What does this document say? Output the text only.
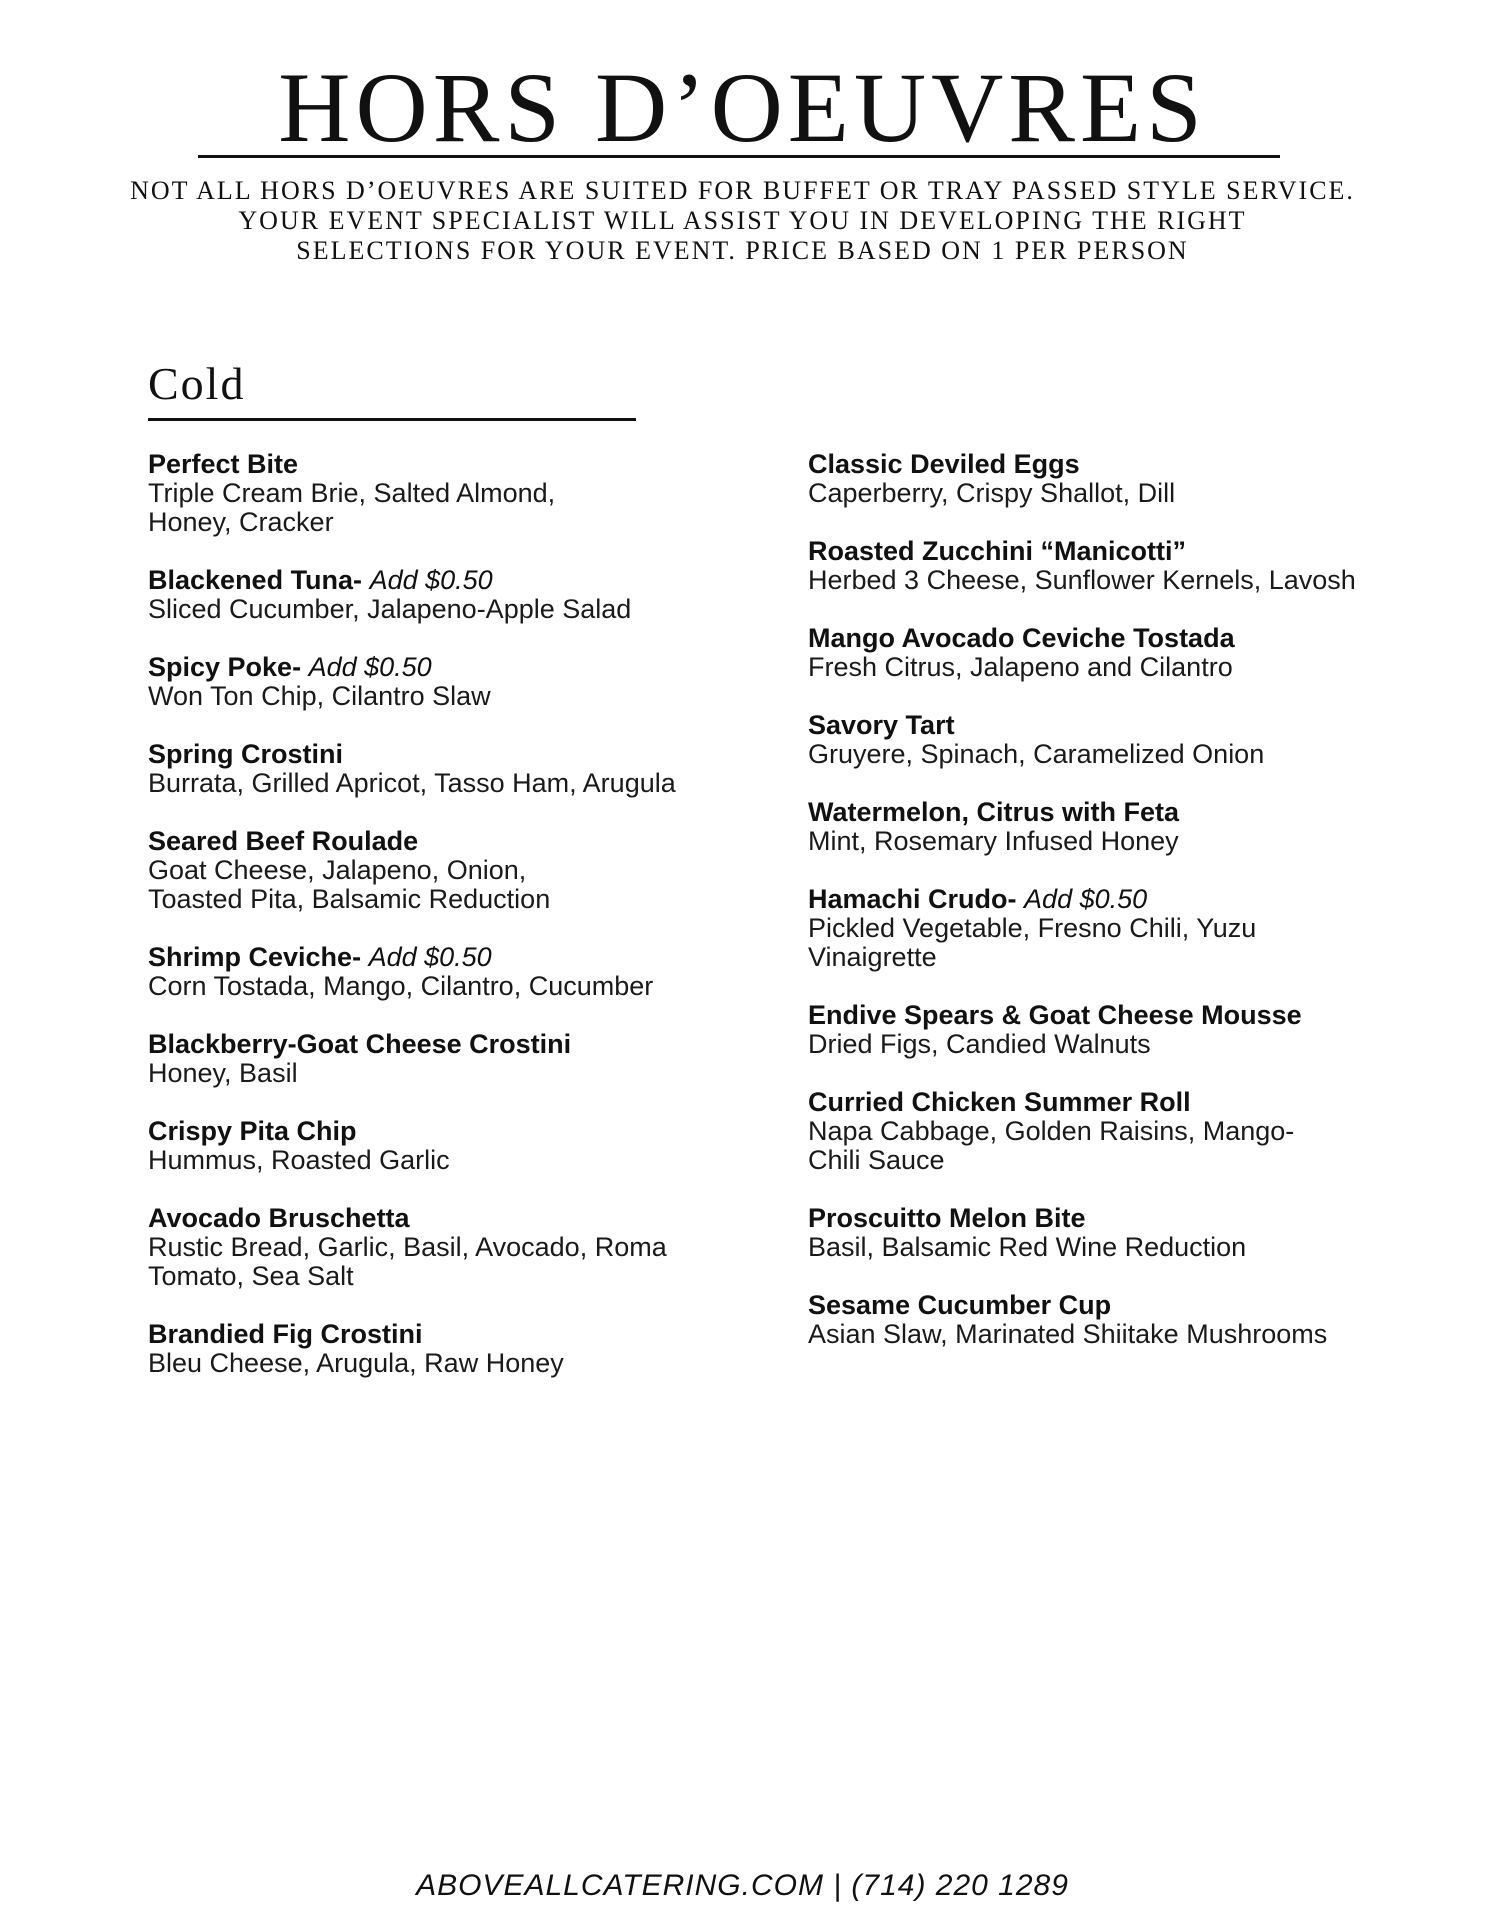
HORS D’OEUVRES
NOT ALL HORS D’OEUVRES ARE SUITED FOR BUFFET OR TRAY PASSED STYLE SERVICE.
YOUR EVENT SPECIALIST WILL ASSIST YOU IN DEVELOPING THE RIGHT
SELECTIONS FOR YOUR EVENT. PRICE BASED ON 1 PER PERSON
Cold
Perfect Bite
Triple Cream Brie, Salted Almond,
Honey, Cracker
Blackened Tuna- Add $0.50
Sliced Cucumber, Jalapeno-Apple Salad
Spicy Poke- Add $0.50
Won Ton Chip, Cilantro Slaw
Spring Crostini
Burrata, Grilled Apricot, Tasso Ham, Arugula
Seared Beef Roulade
Goat Cheese, Jalapeno, Onion,
Toasted Pita, Balsamic Reduction
Shrimp Ceviche- Add $0.50
Corn Tostada, Mango, Cilantro, Cucumber
Blackberry-Goat Cheese Crostini
Honey, Basil
Crispy Pita Chip
Hummus, Roasted Garlic
Avocado Bruschetta
Rustic Bread, Garlic, Basil, Avocado, Roma
Tomato, Sea Salt
Brandied Fig Crostini
Bleu Cheese, Arugula, Raw Honey
Classic Deviled Eggs
Caperberry, Crispy Shallot, Dill
Roasted Zucchini “Manicotti”
Herbed 3 Cheese, Sunflower Kernels, Lavosh
Mango Avocado Ceviche Tostada
Fresh Citrus, Jalapeno and Cilantro
Savory Tart
Gruyere, Spinach, Caramelized Onion
Watermelon, Citrus with Feta
Mint, Rosemary Infused Honey
Hamachi Crudo- Add $0.50
Pickled Vegetable, Fresno Chili, Yuzu
Vinaigrette
Endive Spears & Goat Cheese Mousse
Dried Figs, Candied Walnuts
Curried Chicken Summer Roll
Napa Cabbage, Golden Raisins, Mango-
Chili Sauce
Proscuitto Melon Bite
Basil, Balsamic Red Wine Reduction
Sesame Cucumber Cup
Asian Slaw, Marinated Shiitake Mushrooms
ABOVEALLCATERING.COM | (714) 220 1289
